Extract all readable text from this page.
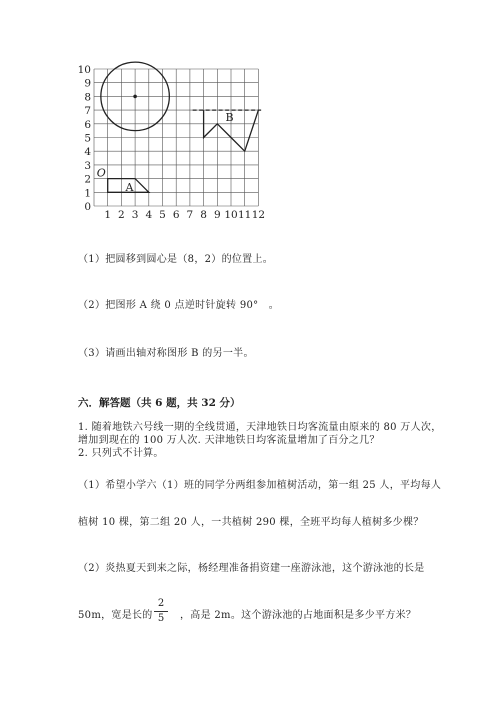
1 2 3 4 5 6 7 8 9 10 11 12
0
1
2
3
4
5
6
7
8
9
10
A
O
B
（1）把圆移到圆心是（8，2）的位置上。
（2）把图形 A 绕 0 点逆时针旋转 90°　。
（3）请画出轴对称图形 B 的另一半。
六．解答题（共 6 题，共 32 分）
1. 随着地铁六号线一期的全线贯通，天津地铁日均客流量由原来的 80 万人次，
增加到现在的 100 万人次. 天津地铁日均客流量增加了百分之几？
2. 只列式不计算。
（1）希望小学六（1）班的同学分两组参加植树活动，第一组 25 人，平均每人
植树 10 棵，第二组 20 人，一共植树 290 棵，全班平均每人植树多少棵？
（2）炎热夏天到来之际，杨经理准备捐资建一座游泳池，这个游泳池的长是
50m，宽是长的
2
5	，高是 2m。这个游泳池的占地面积是多少平方米？
